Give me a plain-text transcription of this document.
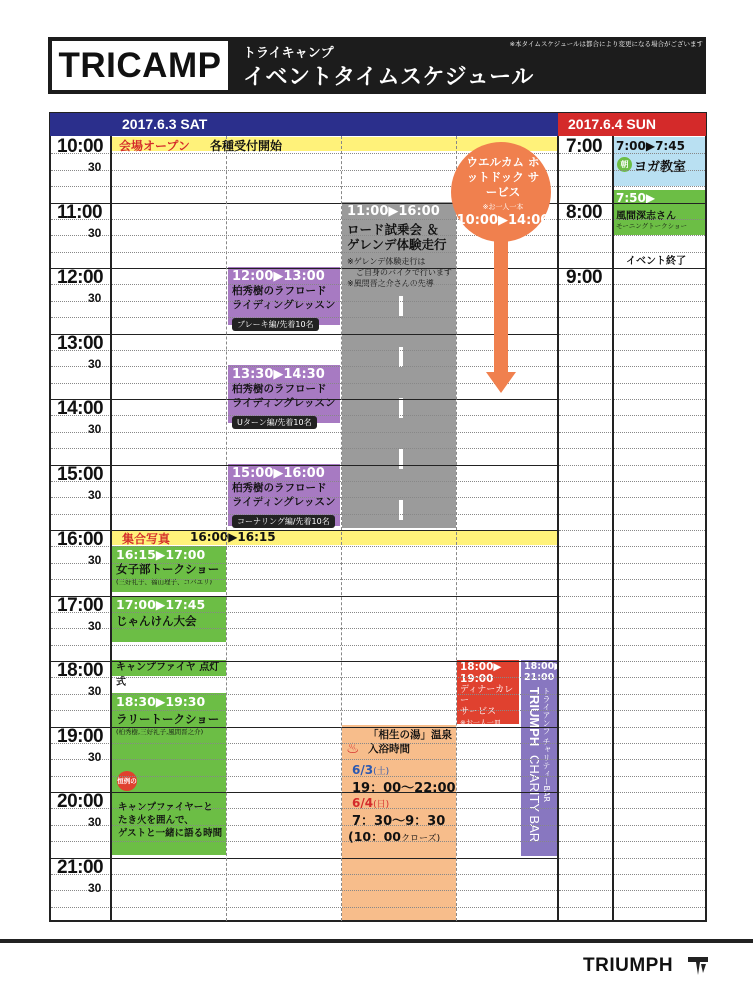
TRICAMP	トライキャンプ
イベントタイムスケジュール
※本タイムスケジュールは都合により変更になる場合がございます
2017.6.3 SAT	2017.6.4 SUN
会場オープン 各種受付開始
11:00▶16:00
ロード試乗会 ＆
ゲレンデ体験走行
※ゲレンデ体験走行は
ご自身のバイクで行います
※風間晋之介さんの先導
12:00▶13:00
柏秀樹のラフロード
ライディングレッスン
ブレーキ編/先着10名
13:30▶14:30
柏秀樹のラフロード
ライディングレッスン
Uターン編/先着10名
15:00▶16:00
柏秀樹のラフロード
ライディングレッスン
コーナリング編/先着10名
集合写真 16:00▶16:15
16:15▶17:00
女子部トークショー
(三好礼子、福山理子、コバユリ)
17:00▶17:45
じゃんけん大会
キャンプファイヤ 点灯式
18:30▶19:30
ラリートークショー
(柏秀樹,三好礼子,風間晋之介)
恒例の
キャンプファイヤーと
たき火を囲んで、
ゲストと一緒に語る時間
18:00▶
19:00
ディナーカレー
サービス
※お一人一皿
18:00▶
21:00
TRIUMPH CHARITY BAR トライアンフ チャリティーBAR
「相生の湯」温泉
♨ 入浴時間
6/3(土)
19：00〜22:00
6/4(日)
7：30〜9：30
(10：00クローズ)
7:00▶7:45
朝 ヨガ教室
7:50▶
風間深志さん
モーニングトークショー
イベント終了
ウエルカム ホットドック サービス
※お一人一本
10:00▶14:00
10:00
30
11:00
30
12:00
30
13:00
30
14:00
30
15:00
30
16:00
30
17:00
30
18:00
30
19:00
30
20:00
30
21:00
30
7:00
8:00
9:00
TRIUMPH
